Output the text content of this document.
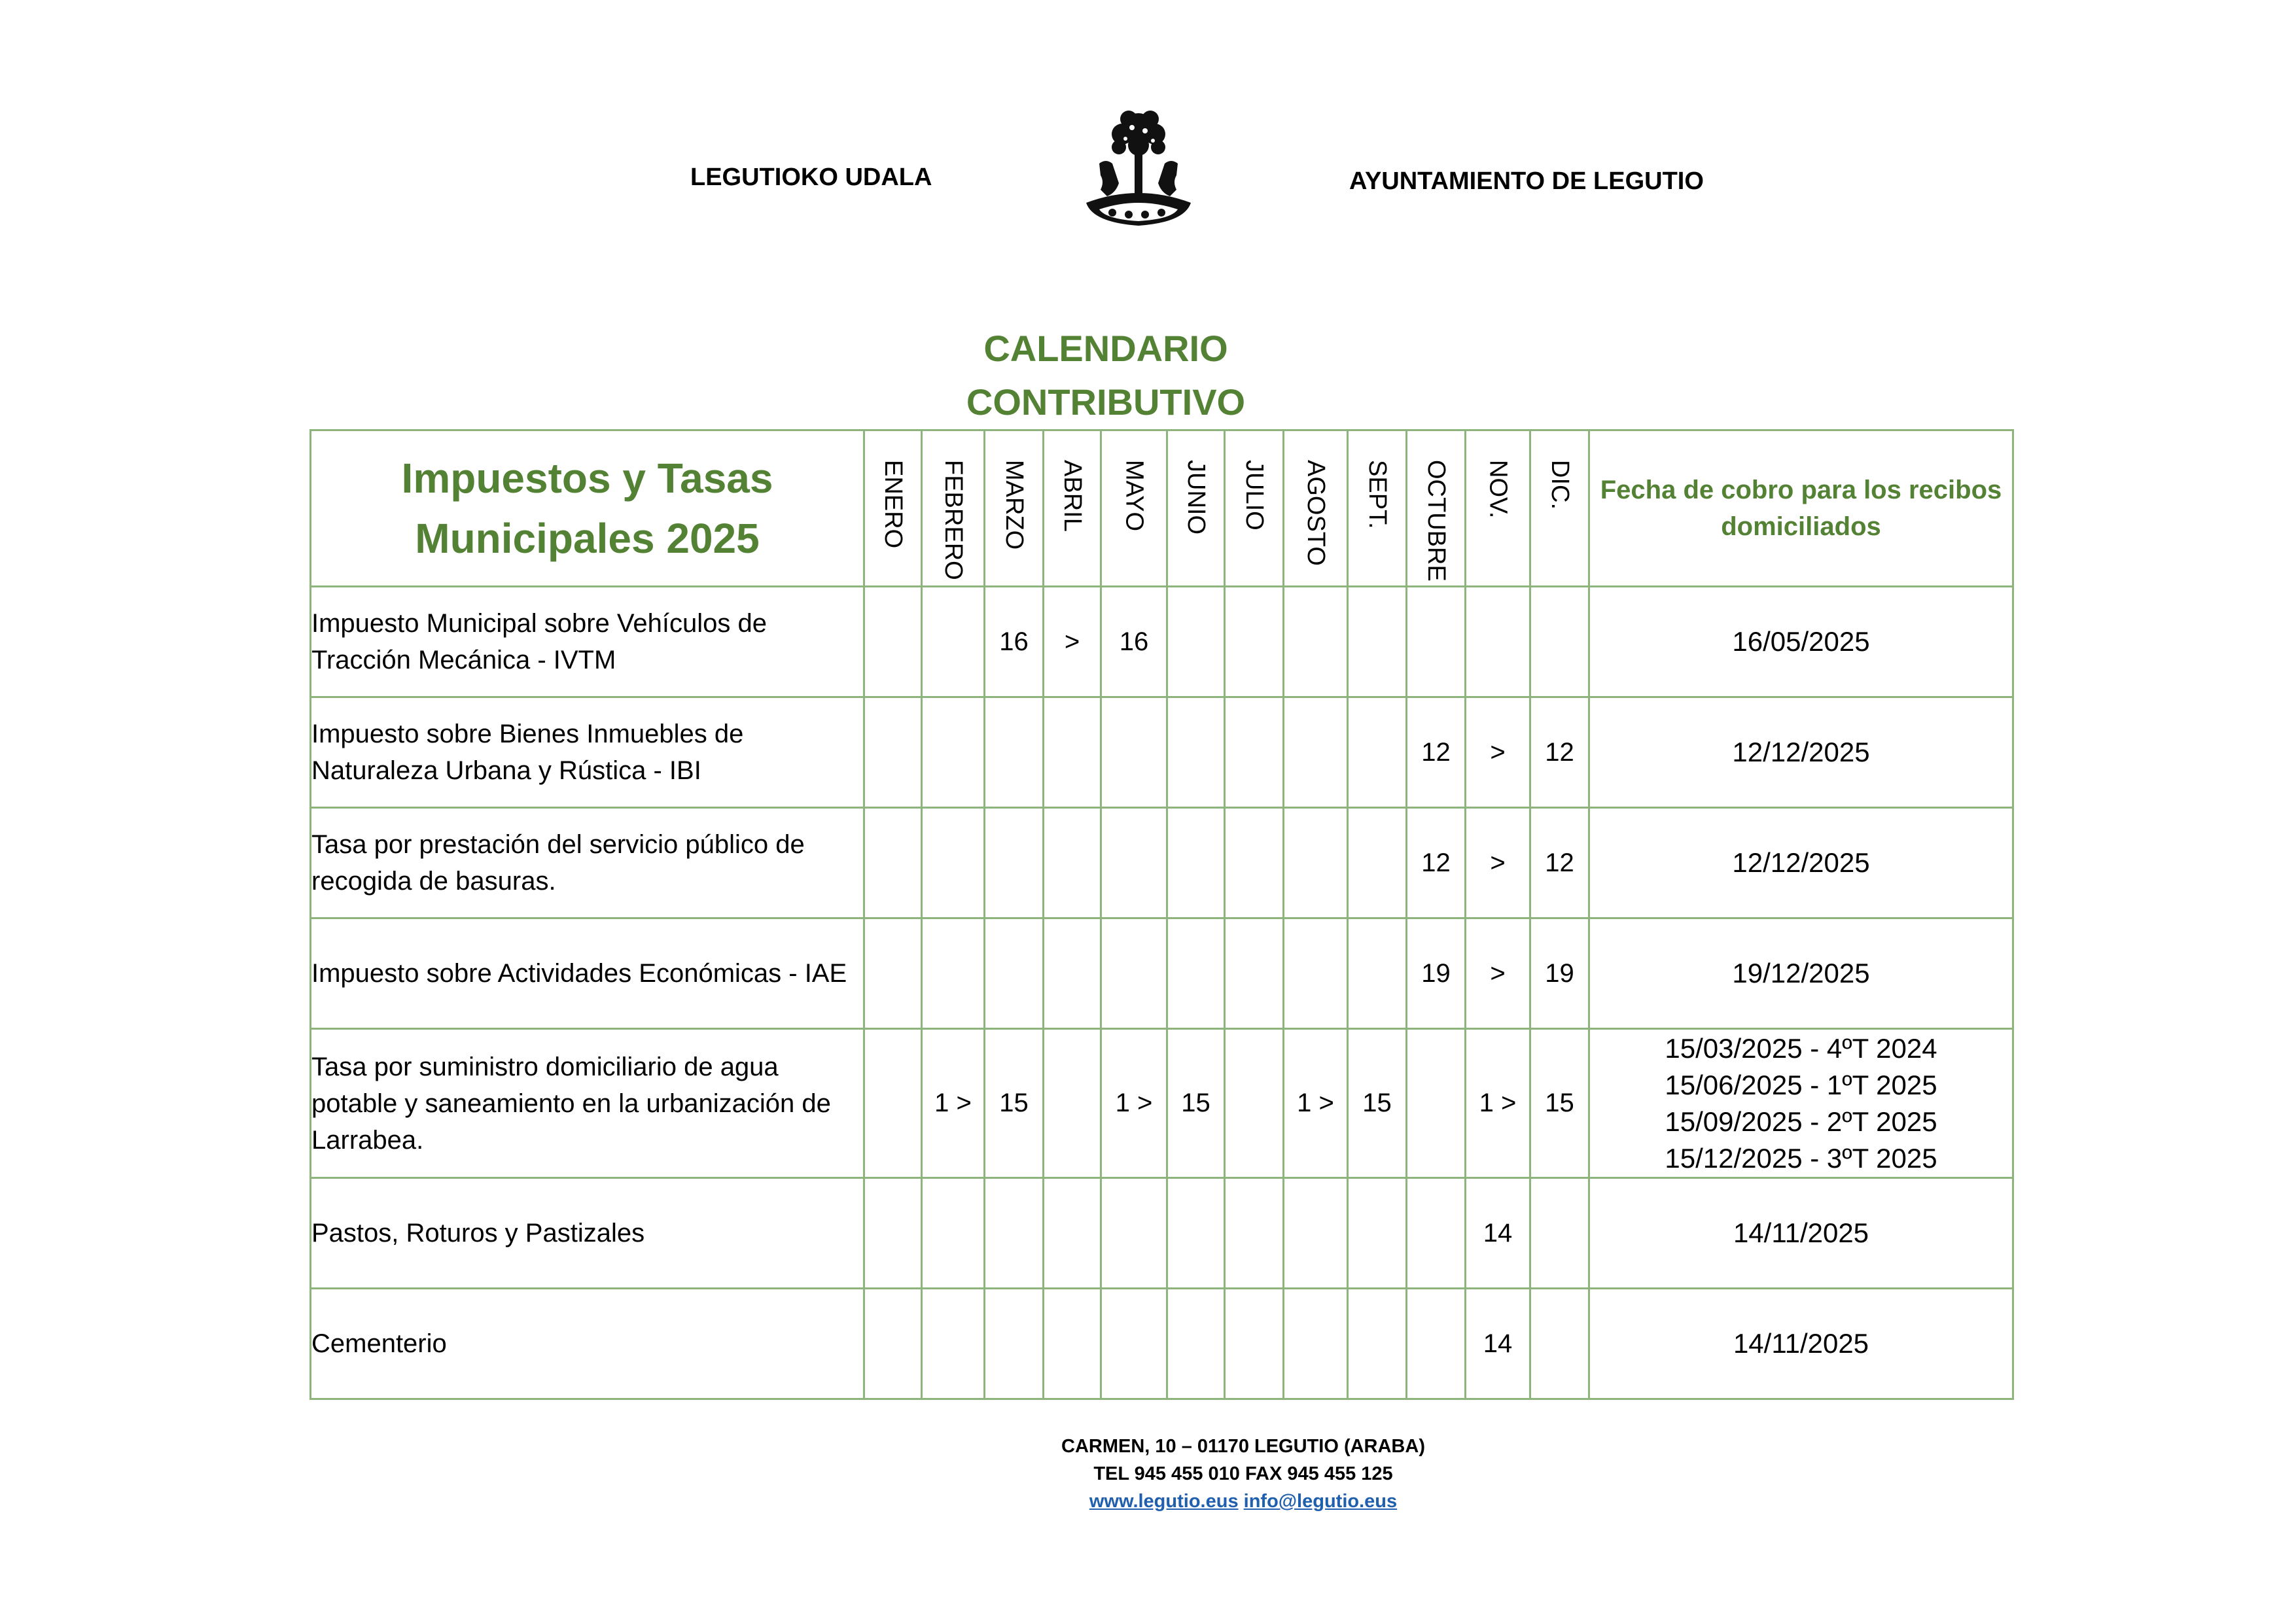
LEGUTIOKO UDALA	AYUNTAMIENTO DE LEGUTIO
CALENDARIO
CONTRIBUTIVO
Impuestos y Tasas
Municipales 2025	ENERO	FEBRERO	MARZO	ABRIL	MAYO	JUNIO	JULIO	AGOSTO	SEPT.	OCTUBRE	NOV.	DIC.	Fecha de cobro para los recibos domiciliados
Impuesto Municipal sobre Vehículos de Tracción Mecánica - IVTM			16	>	16								16/05/2025

Impuesto sobre Bienes Inmuebles de Naturaleza Urbana y Rústica - IBI										12	>	12	12/12/2025

Tasa por prestación del servicio público de recogida de basuras.										12	>	12	12/12/2025

Impuesto sobre Actividades Económicas - IAE										19	>	19	19/12/2025

Tasa por suministro domiciliario de agua potable y saneamiento en la urbanización de Larrabea.		1 >	15		1 >	15		1 >	15		1 >	15	15/03/2025 - 4ºT 2024
15/06/2025 - 1ºT 2025
15/09/2025 - 2ºT 2025
15/12/2025 - 3ºT 2025

Pastos, Roturos y Pastizales											14		14/11/2025

Cementerio											14		14/11/2025
CARMEN, 10 – 01170 LEGUTIO (ARABA)
TEL 945 455 010 FAX 945 455 125
www.legutio.eus info@legutio.eus
